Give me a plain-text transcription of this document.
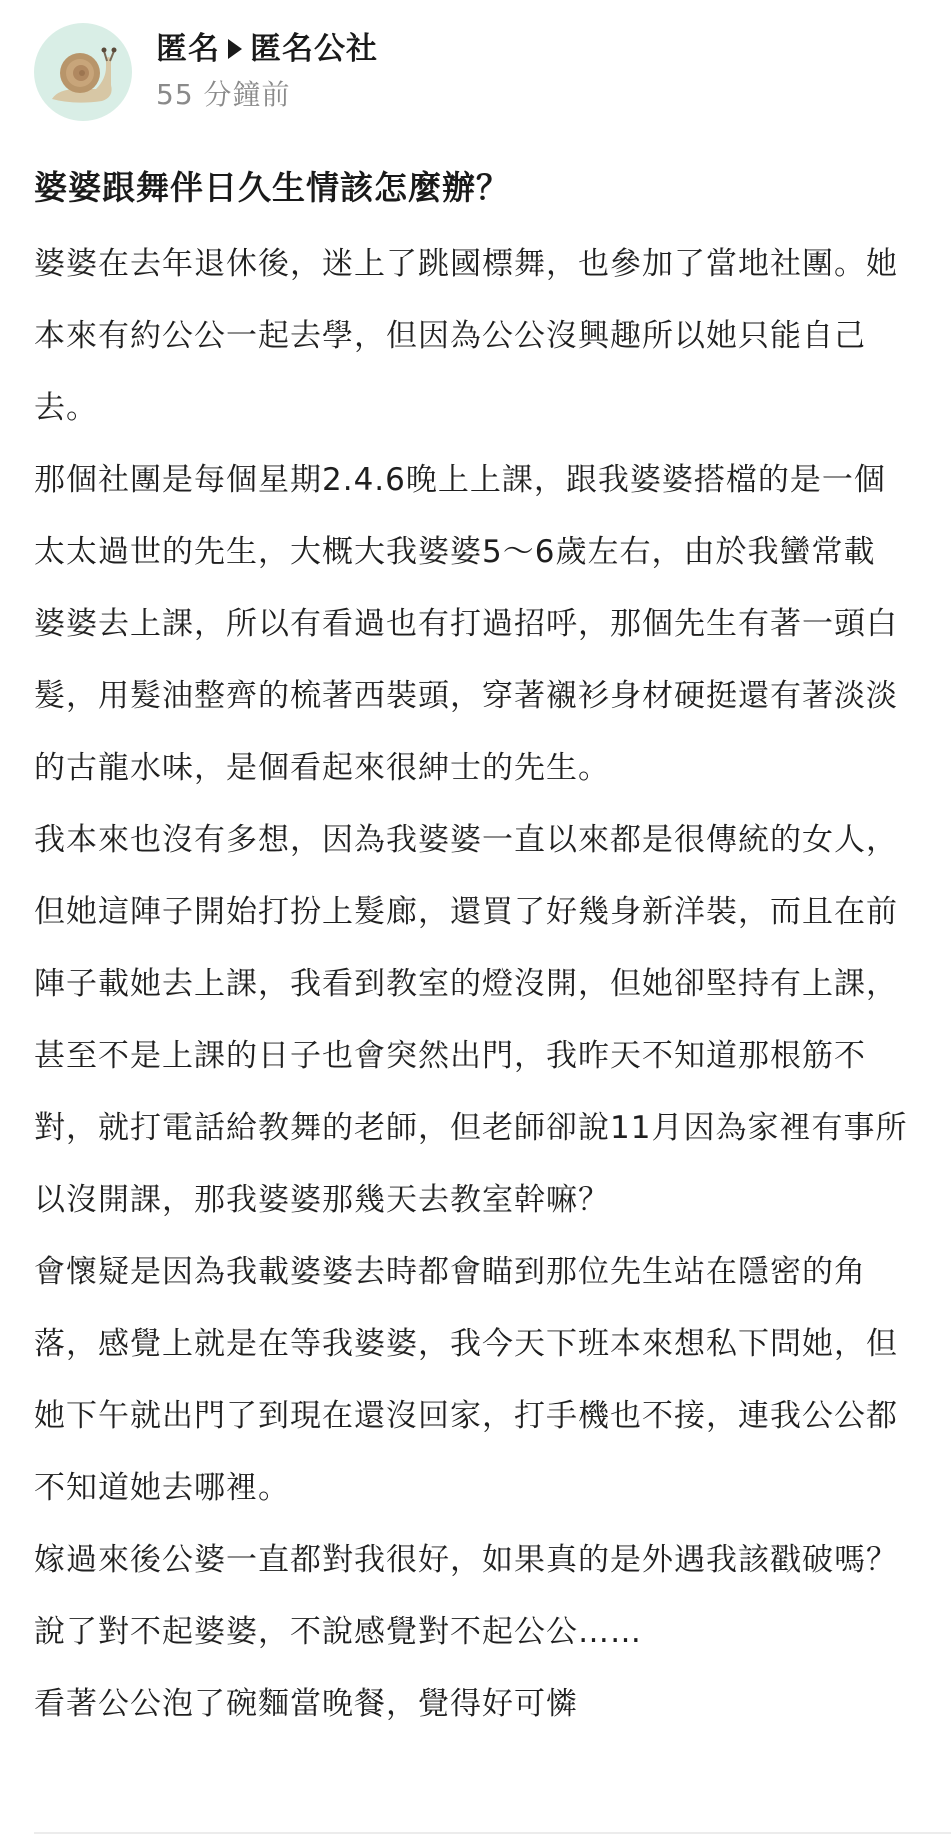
匿名 匿名公社
55 分鐘前
婆婆跟舞伴日久生情該怎麼辦？
婆婆在去年退休後，迷上了跳國標舞，也參加了當地社團。她
本來有約公公一起去學，但因為公公沒興趣所以她只能自己
去。
那個社團是每個星期2.4.6晚上上課，跟我婆婆搭檔的是一個
太太過世的先生，大概大我婆婆5～6歲左右，由於我蠻常載
婆婆去上課，所以有看過也有打過招呼，那個先生有著一頭白
髮，用髮油整齊的梳著西裝頭，穿著襯衫身材硬挺還有著淡淡
的古龍水味，是個看起來很紳士的先生。
我本來也沒有多想，因為我婆婆一直以來都是很傳統的女人，
但她這陣子開始打扮上髮廊，還買了好幾身新洋裝，而且在前
陣子載她去上課，我看到教室的燈沒開，但她卻堅持有上課，
甚至不是上課的日子也會突然出門，我昨天不知道那根筋不
對，就打電話給教舞的老師，但老師卻說11月因為家裡有事所
以沒開課，那我婆婆那幾天去教室幹嘛？
會懷疑是因為我載婆婆去時都會瞄到那位先生站在隱密的角
落，感覺上就是在等我婆婆，我今天下班本來想私下問她，但
她下午就出門了到現在還沒回家，打手機也不接，連我公公都
不知道她去哪裡。
嫁過來後公婆一直都對我很好，如果真的是外遇我該戳破嗎？
說了對不起婆婆，不說感覺對不起公公……
看著公公泡了碗麵當晚餐，覺得好可憐
